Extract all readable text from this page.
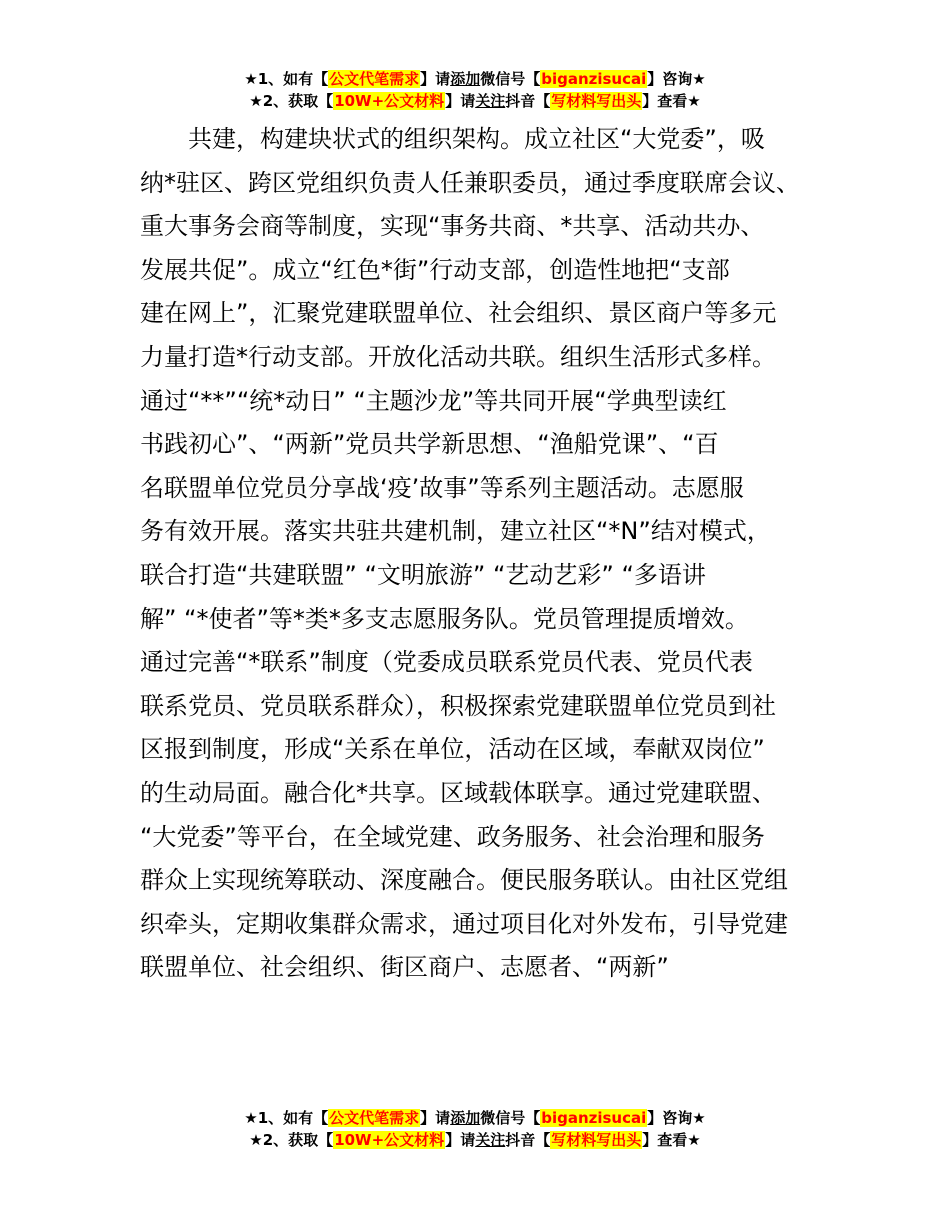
★1、如有【公文代笔需求】请添加微信号【biganzisucai】咨询★
★2、获取【10W+公文材料】请关注抖音【写材料写出头】查看★
共建，构建块状式的组织架构。成立社区“大党委”，吸
纳*驻区、跨区党组织负责人任兼职委员，通过季度联席会议、
重大事务会商等制度，实现“事务共商、*共享、活动共办、
发展共促”。成立“红色*街”行动支部，创造性地把“支部
建在网上”，汇聚党建联盟单位、社会组织、景区商户等多元
力量打造*行动支部。开放化活动共联。组织生活形式多样。
通过“**”“统*动日” “主题沙龙”等共同开展“学典型读红
书践初心”、“两新”党员共学新思想、“渔船党课”、“百
名联盟单位党员分享战‘疫’故事”等系列主题活动。志愿服
务有效开展。落实共驻共建机制，建立社区“*N”结对模式，
联合打造“共建联盟” “文明旅游” “艺动艺彩” “多语讲
解” “*使者”等*类*多支志愿服务队。党员管理提质增效。
通过完善“*联系”制度（党委成员联系党员代表、党员代表
联系党员、党员联系群众），积极探索党建联盟单位党员到社
区报到制度，形成“关系在单位，活动在区域，奉献双岗位”
的生动局面。融合化*共享。区域载体联享。通过党建联盟、
“大党委”等平台，在全域党建、政务服务、社会治理和服务
群众上实现统筹联动、深度融合。便民服务联认。由社区党组
织牵头，定期收集群众需求，通过项目化对外发布，引导党建
联盟单位、社会组织、街区商户、志愿者、“两新”
★1、如有【公文代笔需求】请添加微信号【biganzisucai】咨询★
★2、获取【10W+公文材料】请关注抖音【写材料写出头】查看★
